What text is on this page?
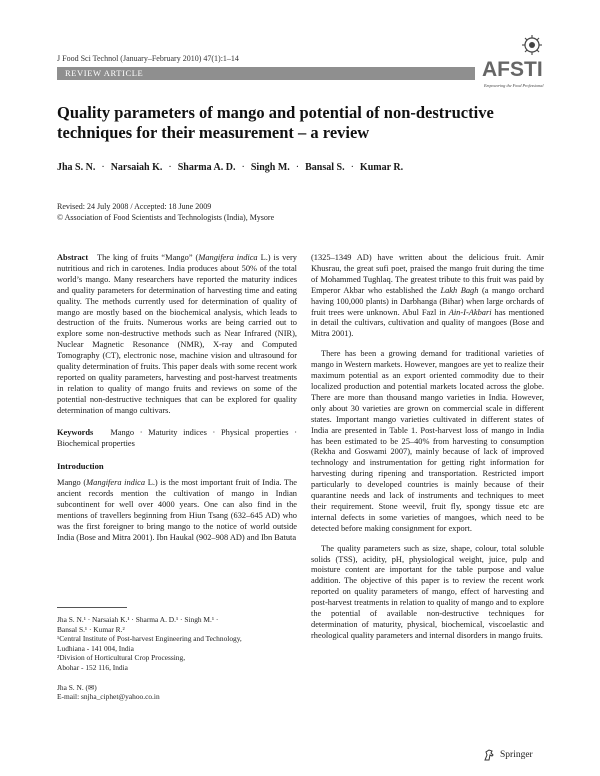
J Food Sci Technol (January–February 2010) 47(1):1–14
REVIEW ARTICLE	AFSTI
Empowering the Food Professional
Quality parameters of mango and potential of non-destructive techniques for their measurement – a review
Jha S. N. · Narsaiah K. · Sharma A. D. · Singh M. · Bansal S. · Kumar R.
Revised: 24 July 2008 / Accepted: 18 June 2009
© Association of Food Scientists and Technologists (India), Mysore

Abstract The king of fruits “Mango” (Mangifera indica L.) is very nutritious and rich in carotenes. India produces about 50% of the total world’s mango. Many researchers have reported the maturity indices and quality parameters for determination of harvesting time and eating quality. The methods currently used for determination of quality of mango are mostly based on the biochemical analysis, which leads to destruction of the fruits. Numerous works are being carried out to explore some non-destructive methods such as Near Infrared (NIR), Nuclear Magnetic Resonance (NMR), X-ray and Computed Tomography (CT), electronic nose, machine vision and ultrasound for quality determination of fruits. This paper deals with some recent work reported on quality parameters, harvesting and post-harvest treatments in relation to quality of mango fruits and reviews on some of the potential non-destructive techniques that can be explored for quality determination of mango cultivars.

Keywords Mango · Maturity indices · Physical properties · Biochemical properties

Introduction

Mango (Mangifera indica L.) is the most important fruit of India. The ancient records mention the cultivation of mango in Indian subcontinent for well over 4000 years. One can also find in the mentions of travellers beginning from Hiun Tsang (632–645 AD) who was the first foreigner to bring mango to the notice of world outside India (Bose and Mitra 2001). Ibn Haukal (902–908 AD) and Ibn Batuta

Jha S. N.¹ · Narsaiah K.¹ · Sharma A. D.¹ · Singh M.¹ ·

Bansal S.¹ · Kumar R.²

¹Central Institute of Post-harvest Engineering and Technology,

Ludhiana - 141 004, India

²Division of Horticultural Crop Processing,

Abohar - 152 116, India

Jha S. N. (✉)

E-mail: snjha_ciphet@yahoo.co.in

(1325–1349 AD) have written about the delicious fruit. Amir Khusrau, the great sufi poet, praised the mango fruit during the time of Mohammed Tughlaq. The greatest tribute to this fruit was paid by Emperor Akbar who established the Lakh Bagh (a mango orchard having 100,000 plants) in Darbhanga (Bihar) when large orchards of fruit trees were unknown. Abul Fazl in Ain-I-Akbari has mentioned in detail the cultivars, cultivation and quality of mangoes (Bose and Mitra 2001).

There has been a growing demand for traditional varieties of mango in Western markets. However, mangoes are yet to realize their maximum potential as an export oriented commodity due to their localized production and potential markets located across the globe. There are more than thousand mango varieties in India. However, only about 30 varieties are grown on commercial scale in different states. Important mango varieties cultivated in different states of India are presented in Table 1. Post-harvest loss of mango in India has been estimated to be 25–40% from harvesting to consumption (Rekha and Goswami 2007), mainly because of lack of improved technology and instrumentation for getting right information for harvesting during ripening and transportation. Restricted import particularly to developed countries is mainly because of their quarantine needs and lack of instruments and techniques to meet their requirement. Stone weevil, fruit fly, spongy tissue etc are internal defects in some varieties of mangoes, which need to be detected before making consignment for export.

The quality parameters such as size, shape, colour, total soluble solids (TSS), acidity, pH, physiological weight, juice, pulp and moisture content are important for the table purpose and value addition. The objective of this paper is to review the recent work reported on quality parameters of mango, effect of harvesting and post-harvest treatments in relation to quality of mango and to explore the potential of available non-destructive techniques for determination of maturity, physical, biochemical, viscoelastic and rheological quality parameters and internal disorders in mango fruits.

Springer
